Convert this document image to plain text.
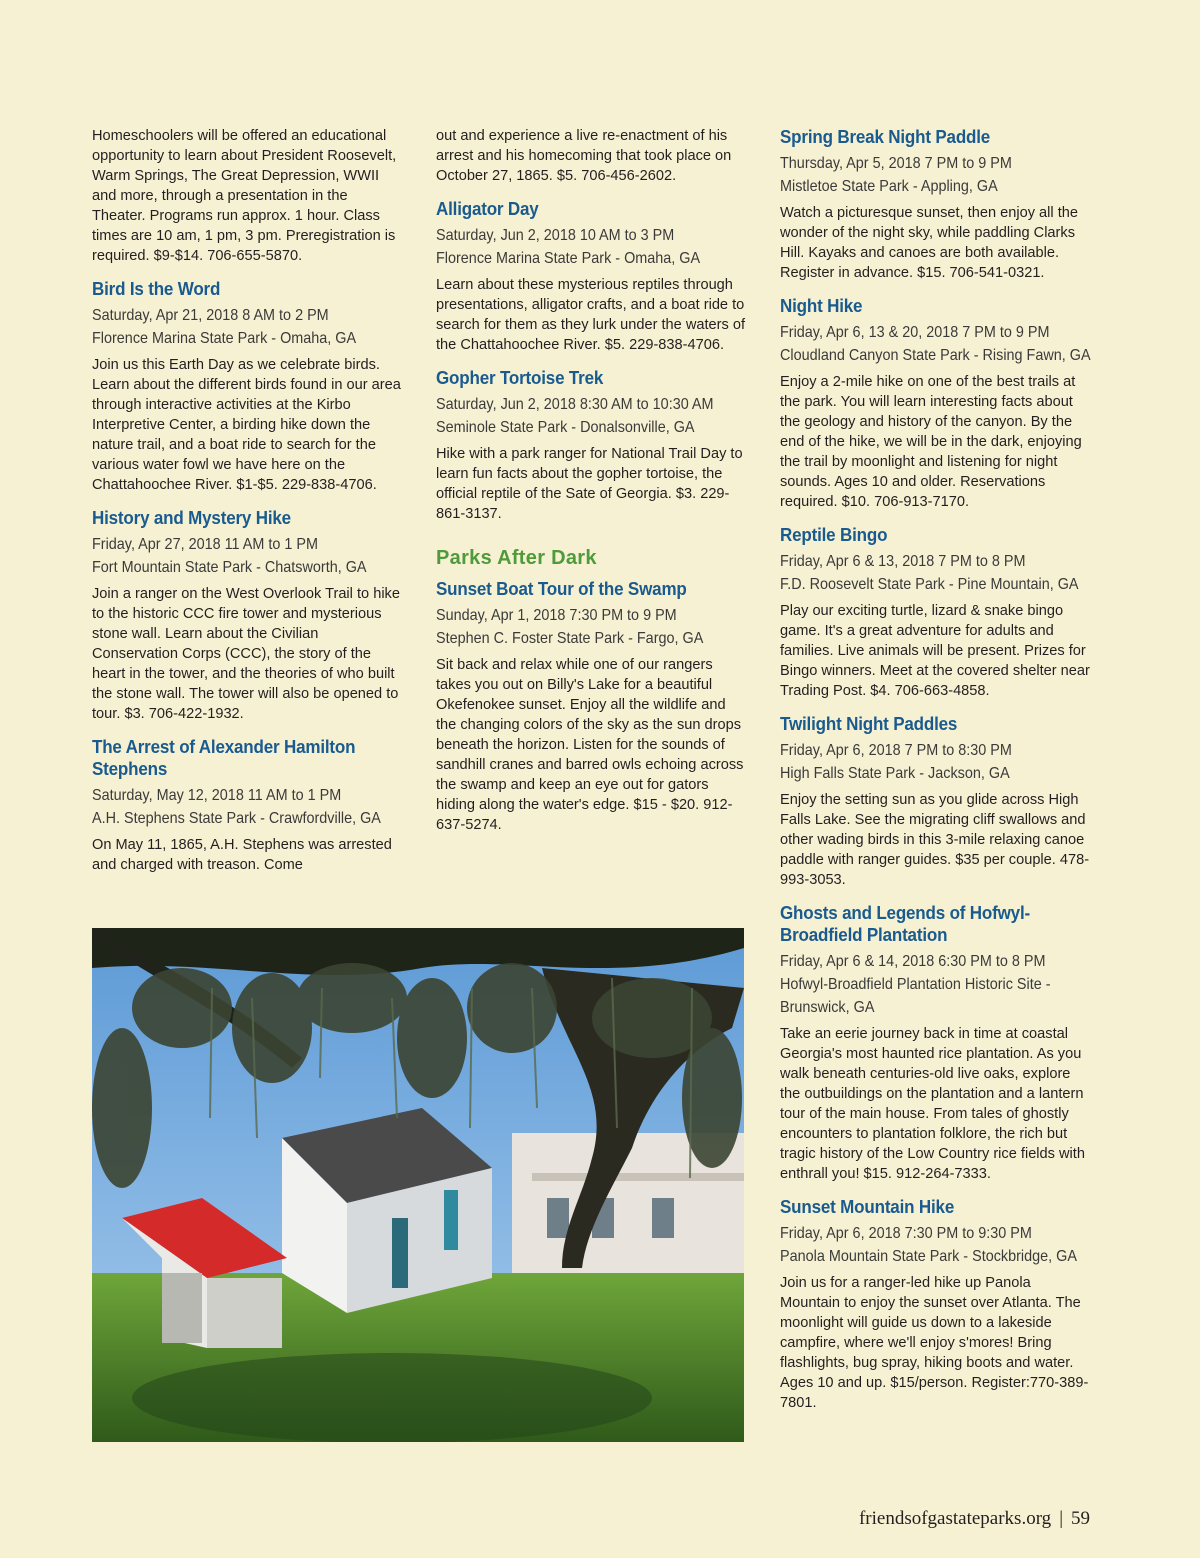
Homeschoolers will be offered an educational opportunity to learn about President Roosevelt, Warm Springs, The Great Depression, WWII and more, through a presentation in the Theater. Programs run approx. 1 hour. Class times are 10 am, 1 pm, 3 pm. Preregistration is required. $9-$14. 706-655-5870.

Bird Is the Word

Saturday, Apr 21, 2018 8 AM to 2 PM

Florence Marina State Park - Omaha, GA

Join us this Earth Day as we celebrate birds. Learn about the different birds found in our area through interactive activities at the Kirbo Interpretive Center, a birding hike down the nature trail, and a boat ride to search for the various water fowl we have here on the Chattahoochee River. $1-$5. 229-838-4706.

History and Mystery Hike

Friday, Apr 27, 2018 11 AM to 1 PM

Fort Mountain State Park - Chatsworth, GA

Join a ranger on the West Overlook Trail to hike to the historic CCC fire tower and mysterious stone wall. Learn about the Civilian Conservation Corps (CCC), the story of the heart in the tower, and the theories of who built the stone wall. The tower will also be opened to tour. $3. 706-422-1932.

The Arrest of Alexander Hamilton Stephens

Saturday, May 12, 2018 11 AM to 1 PM

A.H. Stephens State Park - Crawfordville, GA

On May 11, 1865, A.H. Stephens was arrested and charged with treason. Come

out and experience a live re-enactment of his arrest and his homecoming that took place on October 27, 1865. $5. 706-456-2602.

Alligator Day

Saturday, Jun 2, 2018 10 AM to 3 PM

Florence Marina State Park - Omaha, GA

Learn about these mysterious reptiles through presentations, alligator crafts, and a boat ride to search for them as they lurk under the waters of the Chattahoochee River. $5. 229-838-4706.

Gopher Tortoise Trek

Saturday, Jun 2, 2018 8:30 AM to 10:30 AM

Seminole State Park - Donalsonville, GA

Hike with a park ranger for National Trail Day to learn fun facts about the gopher tortoise, the official reptile of the Sate of Georgia. $3. 229-861-3137.

Parks After Dark
Sunset Boat Tour of the Swamp

Sunday, Apr 1, 2018 7:30 PM to 9 PM

Stephen C. Foster State Park - Fargo, GA

Sit back and relax while one of our rangers takes you out on Billy's Lake for a beautiful Okefenokee sunset. Enjoy all the wildlife and the changing colors of the sky as the sun drops beneath the horizon. Listen for the sounds of sandhill cranes and barred owls echoing across the swamp and keep an eye out for gators hiding along the water's edge. $15 - $20. 912-637-5274.

Spring Break Night Paddle

Thursday, Apr 5, 2018 7 PM to 9 PM

Mistletoe State Park - Appling, GA

Watch a picturesque sunset, then enjoy all the wonder of the night sky, while paddling Clarks Hill. Kayaks and canoes are both available. Register in advance. $15. 706-541-0321.

Night Hike

Friday, Apr 6, 13 & 20, 2018 7 PM to 9 PM

Cloudland Canyon State Park - Rising Fawn, GA

Enjoy a 2-mile hike on one of the best trails at the park. You will learn interesting facts about the geology and history of the canyon. By the end of the hike, we will be in the dark, enjoying the trail by moonlight and listening for night sounds. Ages 10 and older. Reservations required. $10. 706-913-7170.

Reptile Bingo

Friday, Apr 6 & 13, 2018 7 PM to 8 PM

F.D. Roosevelt State Park - Pine Mountain, GA

Play our exciting turtle, lizard & snake bingo game. It's a great adventure for adults and families. Live animals will be present. Prizes for Bingo winners. Meet at the covered shelter near Trading Post. $4. 706-663-4858.

Twilight Night Paddles

Friday, Apr 6, 2018 7 PM to 8:30 PM

High Falls State Park - Jackson, GA

Enjoy the setting sun as you glide across High Falls Lake. See the migrating cliff swallows and other wading birds in this 3-mile relaxing canoe paddle with ranger guides. $35 per couple. 478-993-3053.

Ghosts and Legends of Hofwyl-Broadfield Plantation

Friday, Apr 6 & 14, 2018 6:30 PM to 8 PM

Hofwyl-Broadfield Plantation Historic Site - Brunswick, GA

Take an eerie journey back in time at coastal Georgia's most haunted rice plantation. As you walk beneath centuries-old live oaks, explore the outbuildings on the plantation and a lantern tour of the main house. From tales of ghostly encounters to plantation folklore, the rich but tragic history of the Low Country rice fields with enthrall you! $15. 912-264-7333.

Sunset Mountain Hike

Friday, Apr 6, 2018 7:30 PM to 9:30 PM

Panola Mountain State Park - Stockbridge, GA

Join us for a ranger-led hike up Panola Mountain to enjoy the sunset over Atlanta. The moonlight will guide us down to a lakeside campfire, where we'll enjoy s'mores! Bring flashlights, bug spray, hiking boots and water. Ages 10 and up. $15/person. Register:770-389-7801.

friendsofgastateparks.org | 59
